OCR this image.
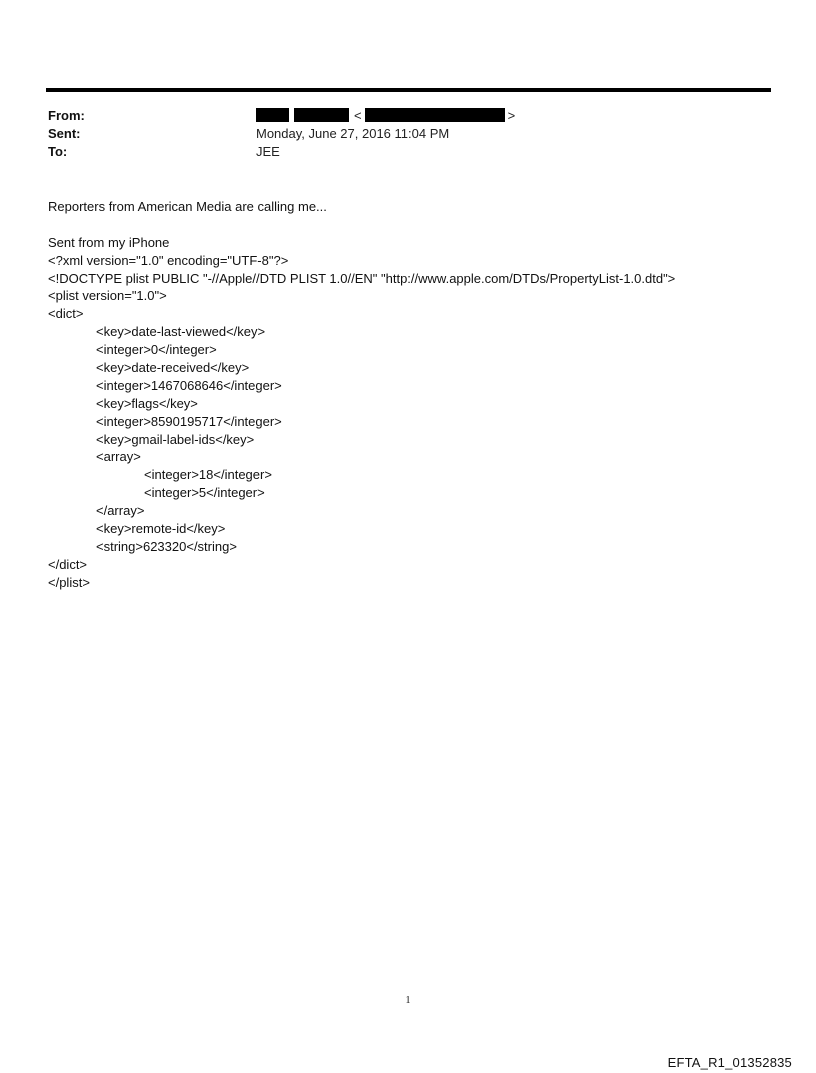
From:	<	>
Sent:	Monday, June 27, 2016 11:04 PM
To:	JEE
Reporters from American Media are calling me...
Sent from my iPhone
<?xml version="1.0" encoding="UTF-8"?>
<!DOCTYPE plist PUBLIC "-//Apple//DTD PLIST 1.0//EN" "http://www.apple.com/DTDs/PropertyList-1.0.dtd">
<plist version="1.0">
<dict>
<key>date-last-viewed</key>
<integer>0</integer>
<key>date-received</key>
<integer>1467068646</integer>
<key>flags</key>
<integer>8590195717</integer>
<key>gmail-label-ids</key>
<array>
<integer>18</integer>
<integer>5</integer>
</array>
<key>remote-id</key>
<string>623320</string>
</dict>
</plist>
1
EFTA_R1_01352835
